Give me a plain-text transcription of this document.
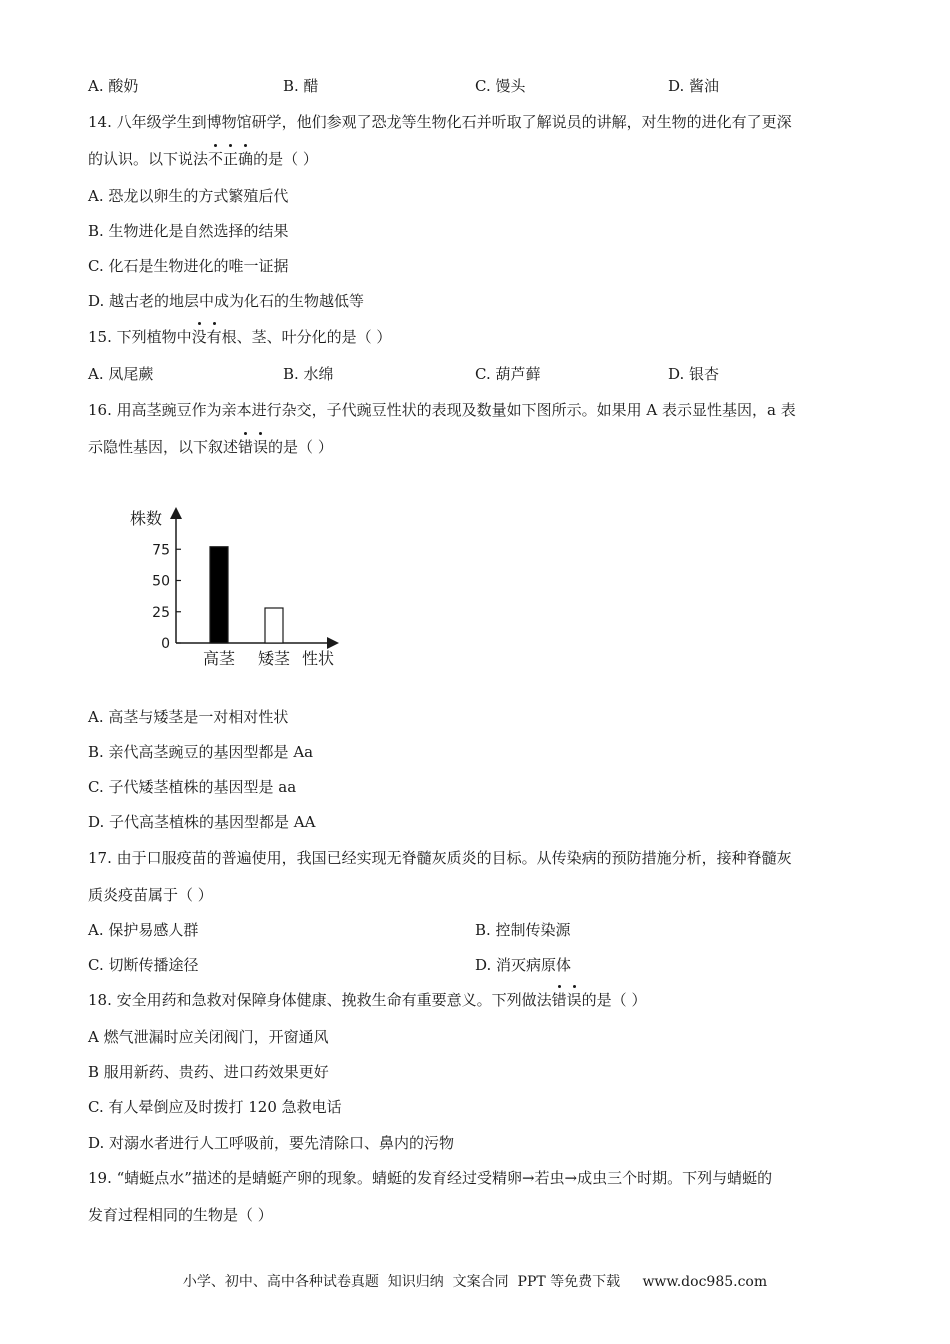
A. 酸奶	B. 醋	C. 馒头	D. 酱油
14. 八年级学生到博物馆研学，他们参观了恐龙等生物化石并听取了解说员的讲解，对生物的进化有了更深
的认识。以下说法不正确的是（ ）
A. 恐龙以卵生的方式繁殖后代
B. 生物进化是自然选择的结果
C. 化石是生物进化的唯一证据
D. 越古老的地层中成为化石的生物越低等
15. 下列植物中没有根、茎、叶分化的是（ ）
A. 凤尾蕨	B. 水绵	C. 葫芦藓	D. 银杏
16. 用高茎豌豆作为亲本进行杂交，子代豌豆性状的表现及数量如下图所示。如果用 A 表示显性基因，a 表
示隐性基因，以下叙述错误的是（ ）
株数
0
25
50
75
高茎 矮茎 性状
A. 高茎与矮茎是一对相对性状
B. 亲代高茎豌豆的基因型都是 Aa
C. 子代矮茎植株的基因型是 aa
D. 子代高茎植株的基因型都是 AA
17. 由于口服疫苗的普遍使用，我国已经实现无脊髓灰质炎的目标。从传染病的预防措施分析，接种脊髓灰
质炎疫苗属于（ ）
A. 保护易感人群	B. 控制传染源
C. 切断传播途径	D. 消灭病原体
18. 安全用药和急救对保障身体健康、挽救生命有重要意义。下列做法错误的是（ ）
A 燃气泄漏时应关闭阀门，开窗通风
B 服用新药、贵药、进口药效果更好
C. 有人晕倒应及时拨打 120 急救电话
D. 对溺水者进行人工呼吸前，要先清除口、鼻内的污物
19. “蜻蜓点水”描述的是蜻蜓产卵的现象。蜻蜓的发育经过受精卵→若虫→成虫三个时期。下列与蜻蜓的
发育过程相同的生物是（ ）
小学、初中、高中各种试卷真题  知识归纳  文案合同  PPT 等免费下载     www.doc985.com
